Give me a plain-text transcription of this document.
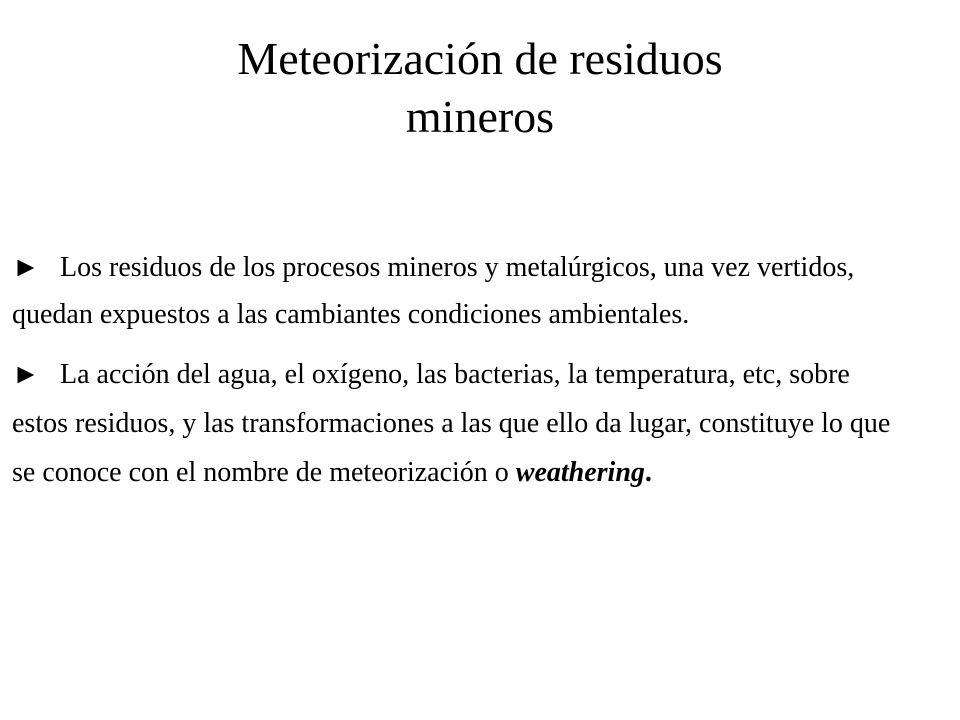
Meteorización de residuos
mineros

► Los residuos de los procesos mineros y metalúrgicos, una vez vertidos, quedan expuestos a las cambiantes condiciones ambientales.

► La acción del agua, el oxígeno, las bacterias, la temperatura, etc, sobre estos residuos, y las transformaciones a las que ello da lugar, constituye lo que se conoce con el nombre de meteorización o weathering.
